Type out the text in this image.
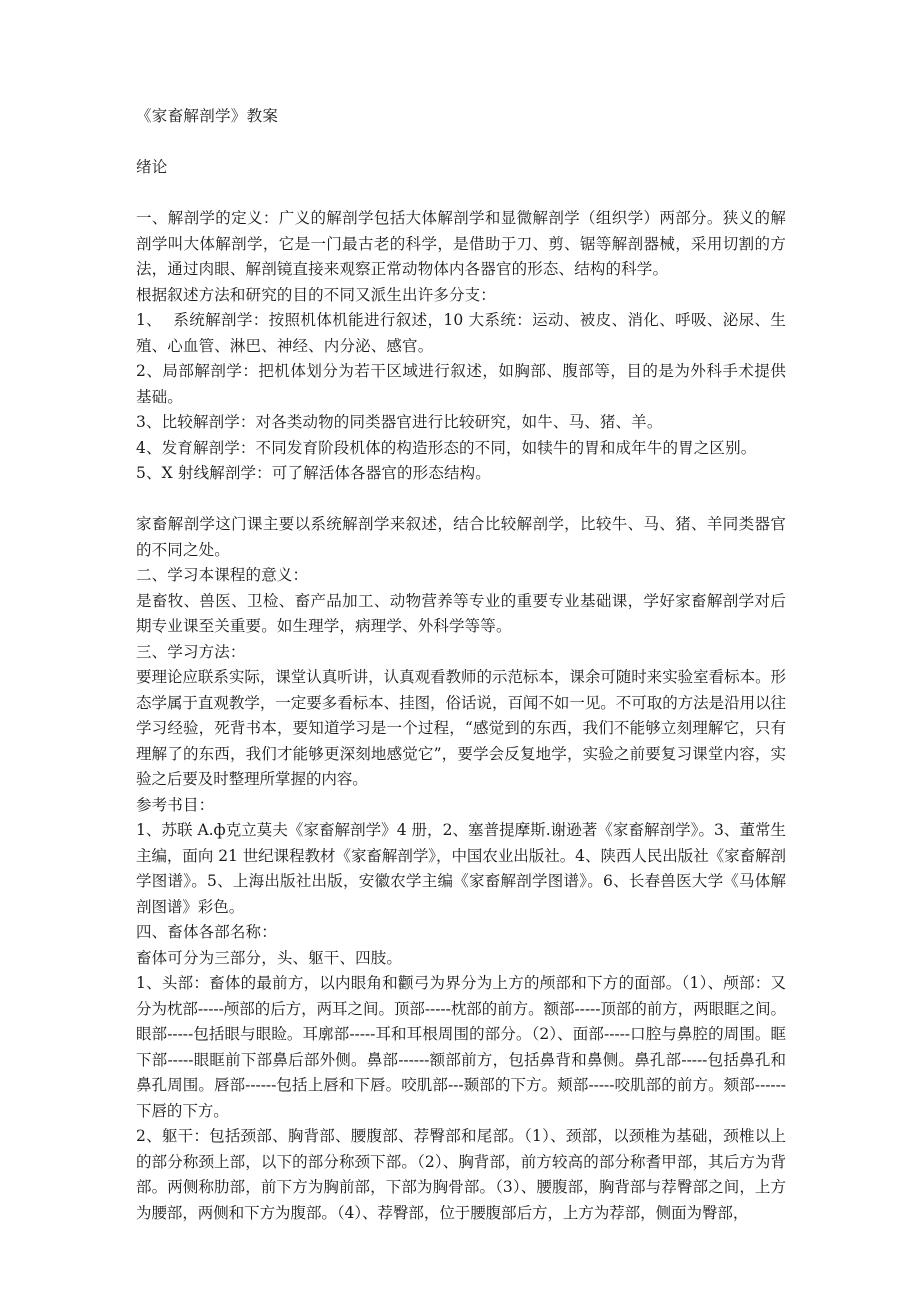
《家畜解剖学》教案
绪论

一、解剖学的定义：广义的解剖学包括大体解剖学和显微解剖学（组织学）两部分。狭义的解剖学叫大体解剖学，它是一门最古老的科学，是借助于刀、剪、锯等解剖器械，采用切割的方法，通过肉眼、解剖镜直接来观察正常动物体内各器官的形态、结构的科学。

根据叙述方法和研究的目的不同又派生出许多分支：

1、 系统解剖学：按照机体机能进行叙述，10 大系统：运动、被皮、消化、呼吸、泌尿、生殖、心血管、淋巴、神经、内分泌、感官。

2、局部解剖学：把机体划分为若干区域进行叙述，如胸部、腹部等，目的是为外科手术提供基础。

3、比较解剖学：对各类动物的同类器官进行比较研究，如牛、马、猪、羊。

4、发育解剖学：不同发育阶段机体的构造形态的不同，如犊牛的胃和成年牛的胃之区别。

5、X 射线解剖学：可了解活体各器官的形态结构。

家畜解剖学这门课主要以系统解剖学来叙述，结合比较解剖学，比较牛、马、猪、羊同类器官的不同之处。

二、学习本课程的意义：

是畜牧、兽医、卫检、畜产品加工、动物营养等专业的重要专业基础课，学好家畜解剖学对后期专业课至关重要。如生理学，病理学、外科学等等。

三、学习方法：

要理论应联系实际，课堂认真听讲，认真观看教师的示范标本，课余可随时来实验室看标本。形态学属于直观教学，一定要多看标本、挂图，俗话说，百闻不如一见。不可取的方法是沿用以往学习经验，死背书本，要知道学习是一个过程，“感觉到的东西，我们不能够立刻理解它，只有理解了的东西，我们才能够更深刻地感觉它”，要学会反复地学，实验之前要复习课堂内容，实验之后要及时整理所掌握的内容。

参考书目：

1、苏联 A.ф克立莫夫《家畜解剖学》4 册，2、塞普提摩斯.谢逊著《家畜解剖学》。3、董常生主编，面向 21 世纪课程教材《家畜解剖学》，中国农业出版社。4、陕西人民出版社《家畜解剖学图谱》。5、上海出版社出版，安徽农学主编《家畜解剖学图谱》。6、长春兽医大学《马体解剖图谱》彩色。

四、畜体各部名称：

畜体可分为三部分，头、躯干、四肢。

1、头部：畜体的最前方，以内眼角和颧弓为界分为上方的颅部和下方的面部。（1）、颅部：又分为枕部-----颅部的后方，两耳之间。顶部-----枕部的前方。额部-----顶部的前方，两眼眶之间。眼部-----包括眼与眼睑。耳廓部-----耳和耳根周围的部分。（2）、面部-----口腔与鼻腔的周围。眶下部-----眼眶前下部鼻后部外侧。鼻部------额部前方，包括鼻背和鼻侧。鼻孔部-----包括鼻孔和鼻孔周围。唇部------包括上唇和下唇。咬肌部---颞部的下方。颊部-----咬肌部的前方。颏部------下唇的下方。

2、躯干：包括颈部、胸背部、腰腹部、荐臀部和尾部。（1）、颈部，以颈椎为基础，颈椎以上的部分称颈上部，以下的部分称颈下部。（2）、胸背部，前方较高的部分称耆甲部，其后方为背部。两侧称肋部，前下方为胸前部，下部为胸骨部。（3）、腰腹部，胸背部与荐臀部之间，上方为腰部，两侧和下方为腹部。（4）、荐臀部，位于腰腹部后方，上方为荐部，侧面为臀部，
